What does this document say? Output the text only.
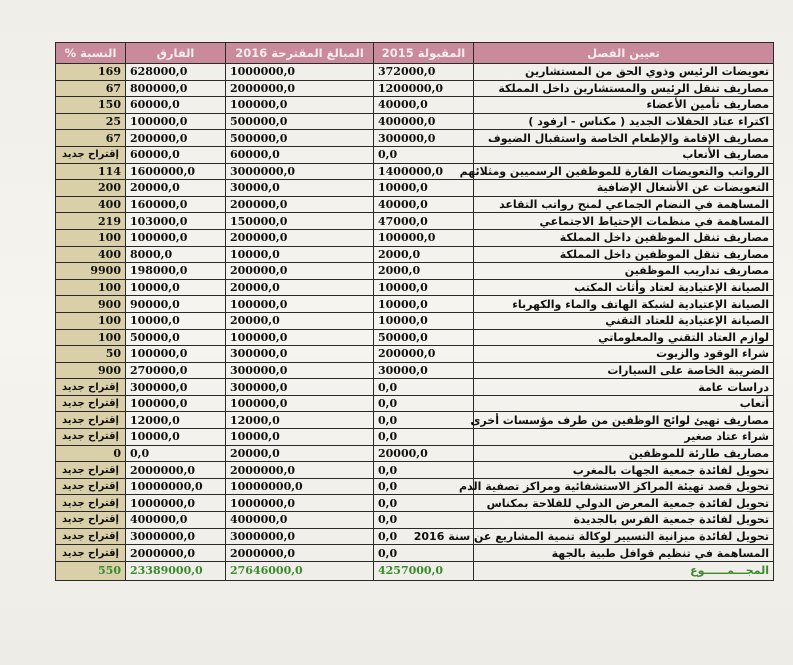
تعيين الفصل	المقبولة 2015	المبالغ المقترحة 2016	الفارق	النسبة %
تعويضات الرئيس وذوي الحق من المستشارين	372000,0	1000000,0	628000,0	169
مصاريف تنقل الرئيس والمستشارين داخل المملكة	1200000,0	2000000,0	800000,0	67
مصاريف تأمين الأعضاء	40000,0	100000,0	60000,0	150
اكتراء عتاد الحفلات الجديد ( مكناس - ارفود )	400000,0	500000,0	100000,0	25
مصاريف الإقامة والإطعام الخاصة واستقبال الضيوف	300000,0	500000,0	200000,0	67
مصاريف الأتعاب	0,0	60000,0	60000,0	إقتراح جديد
الرواتب والتعويضات القارة للموظفين الرسميين ومثلائهم	1400000,0	3000000,0	1600000,0	114
التعويضات عن الأشغال الإضافية	10000,0	30000,0	20000,0	200
المساهمة في النضام الجماعي لمنح رواتب التقاعد	40000,0	200000,0	160000,0	400
المساهمة في منظمات الإحتياط الاجتماعي	47000,0	150000,0	103000,0	219
مصاريف تنقل الموظفين داخل المملكة	100000,0	200000,0	100000,0	100
مصاريف تنقل الموظفين داخل المملكة	2000,0	10000,0	8000,0	400
مصاريف تداريب الموظفين	2000,0	200000,0	198000,0	9900
الصيانة الإعتيادية لعتاد وأثاث المكتب	10000,0	20000,0	10000,0	100
الصيانة الإعتيادية لشبكة الهاتف والماء والكهرباء	10000,0	100000,0	90000,0	900
الصيانة الإعتيادية للعتاد التقني	10000,0	20000,0	10000,0	100
لوازم العتاد التقني والمعلوماتي	50000,0	100000,0	50000,0	100
شراء الوقود والزيوت	200000,0	300000,0	100000,0	50
الضريبة الخاصة على السيارات	30000,0	300000,0	270000,0	900
دراسات عامة	0,0	300000,0	300000,0	إقتراح جديد
أتعاب	0,0	100000,0	100000,0	إقتراح جديد
مصاريف تهيئ لوائح الوظفين من طرف مؤسسات أخرى	0,0	12000,0	12000,0	إقتراح جديد
شراء عتاد صغير	0,0	10000,0	10000,0	إقتراح جديد
مصاريف طارئة للموظفين	20000,0	20000,0	0,0	0
تحويل لفائدة جمعية الجهات بالمغرب	0,0	2000000,0	2000000,0	إقتراح جديد
تحويل قصد تهيئة المراكز الاستشفائية ومراكز تصفية الدم	0,0	10000000,0	10000000,0	إقتراح جديد
تحويل لفائدة جمعية المعرض الدولي للفلاحة بمكناس	0,0	1000000,0	1000000,0	إقتراح جديد
تحويل لفائدة جمعية الفرس بالجديدة	0,0	400000,0	400000,0	إقتراح جديد
تحويل لفائدة ميزانية التسيير لوكالة تنمية المشاريع عن سنة 2016	0,0	3000000,0	3000000,0	إقتراح جديد
المساهمة في تنظيم قوافل طبية بالجهة	0,0	2000000,0	2000000,0	إقتراح جديد
المجـــمــــــوع	4257000,0	27646000,0	23389000,0	550
